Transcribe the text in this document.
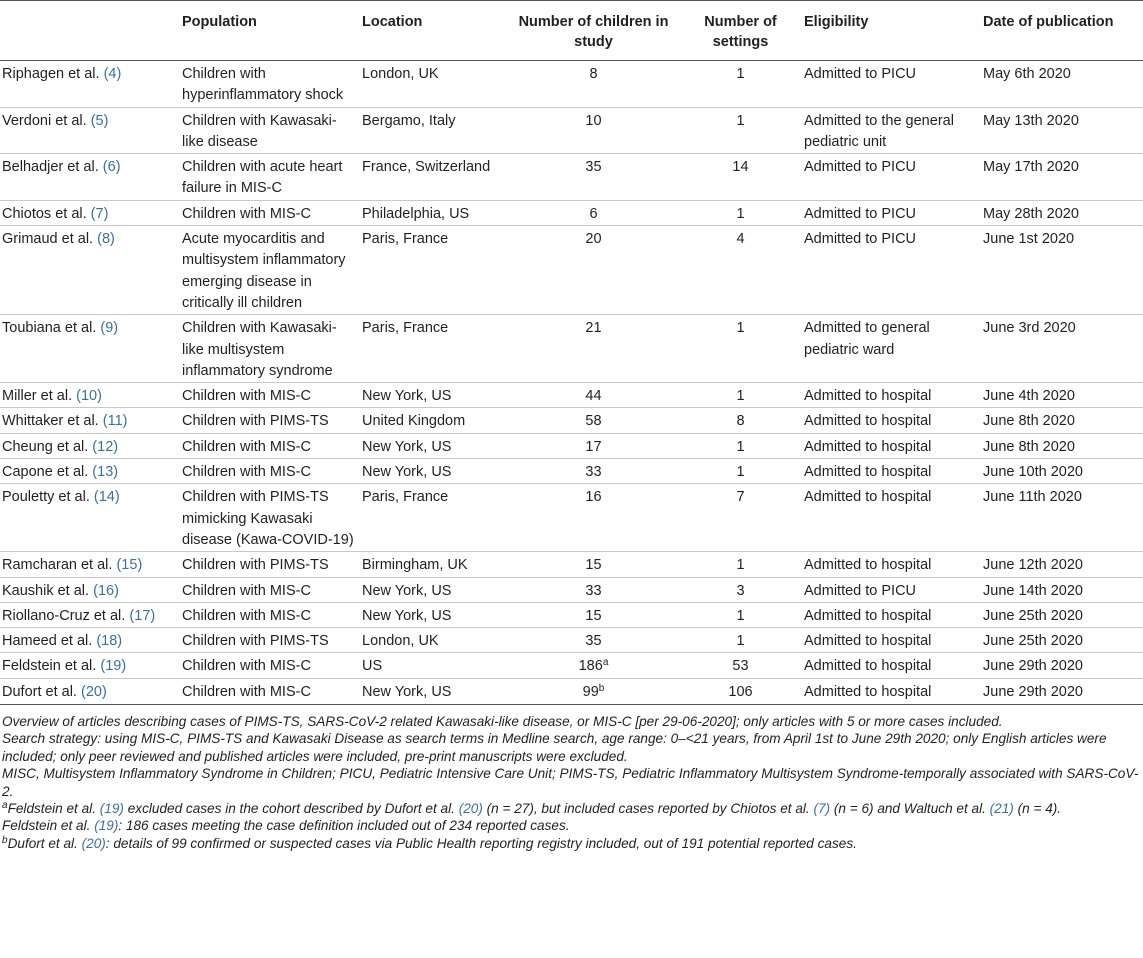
	Population	Location	Number of children in study	Number of settings	Eligibility	Date of publication
Riphagen et al. (4)	Children with hyperinflammatory shock	London, UK	8	1	Admitted to PICU	May 6th 2020
Verdoni et al. (5)	Children with Kawasaki-like disease	Bergamo, Italy	10	1	Admitted to the general pediatric unit	May 13th 2020
Belhadjer et al. (6)	Children with acute heart failure in MIS-C	France, Switzerland	35	14	Admitted to PICU	May 17th 2020
Chiotos et al. (7)	Children with MIS-C	Philadelphia, US	6	1	Admitted to PICU	May 28th 2020
Grimaud et al. (8)	Acute myocarditis and multisystem inflammatory emerging disease in critically ill children	Paris, France	20	4	Admitted to PICU	June 1st 2020
Toubiana et al. (9)	Children with Kawasaki-like multisystem inflammatory syndrome	Paris, France	21	1	Admitted to general pediatric ward	June 3rd 2020
Miller et al. (10)	Children with MIS-C	New York, US	44	1	Admitted to hospital	June 4th 2020
Whittaker et al. (11)	Children with PIMS-TS	United Kingdom	58	8	Admitted to hospital	June 8th 2020
Cheung et al. (12)	Children with MIS-C	New York, US	17	1	Admitted to hospital	June 8th 2020
Capone et al. (13)	Children with MIS-C	New York, US	33	1	Admitted to hospital	June 10th 2020
Pouletty et al. (14)	Children with PIMS-TS mimicking Kawasaki disease (Kawa-COVID-19)	Paris, France	16	7	Admitted to hospital	June 11th 2020
Ramcharan et al. (15)	Children with PIMS-TS	Birmingham, UK	15	1	Admitted to hospital	June 12th 2020
Kaushik et al. (16)	Children with MIS-C	New York, US	33	3	Admitted to PICU	June 14th 2020
Riollano-Cruz et al. (17)	Children with MIS-C	New York, US	15	1	Admitted to hospital	June 25th 2020
Hameed et al. (18)	Children with PIMS-TS	London, UK	35	1	Admitted to hospital	June 25th 2020
Feldstein et al. (19)	Children with MIS-C	US	186$^a$	53	Admitted to hospital	June 29th 2020
Dufort et al. (20)	Children with MIS-C	New York, US	99$^b$	106	Admitted to hospital	June 29th 2020

Overview of articles describing cases of PIMS-TS, SARS-CoV-2 related Kawasaki-like disease, or MIS-C [per 29-06-2020]; only articles with 5 or more cases included.

Search strategy: using MIS-C, PIMS-TS and Kawasaki Disease as search terms in Medline search, age range: 0–<21 years, from April 1st to June 29th 2020; only English articles were included; only peer reviewed and published articles were included, pre-print manuscripts were excluded.

MISC, Multisystem Inflammatory Syndrome in Children; PICU, Pediatric Intensive Care Unit; PIMS-TS, Pediatric Inflammatory Multisystem Syndrome-temporally associated with SARS-CoV-2.

$^a$Feldstein et al. (19) excluded cases in the cohort described by Dufort et al. (20) (n = 27), but included cases reported by Chiotos et al. (7) (n = 6) and Waltuch et al. (21) (n = 4).

Feldstein et al. (19): 186 cases meeting the case definition included out of 234 reported cases.

$^b$Dufort et al. (20): details of 99 confirmed or suspected cases via Public Health reporting registry included, out of 191 potential reported cases.
